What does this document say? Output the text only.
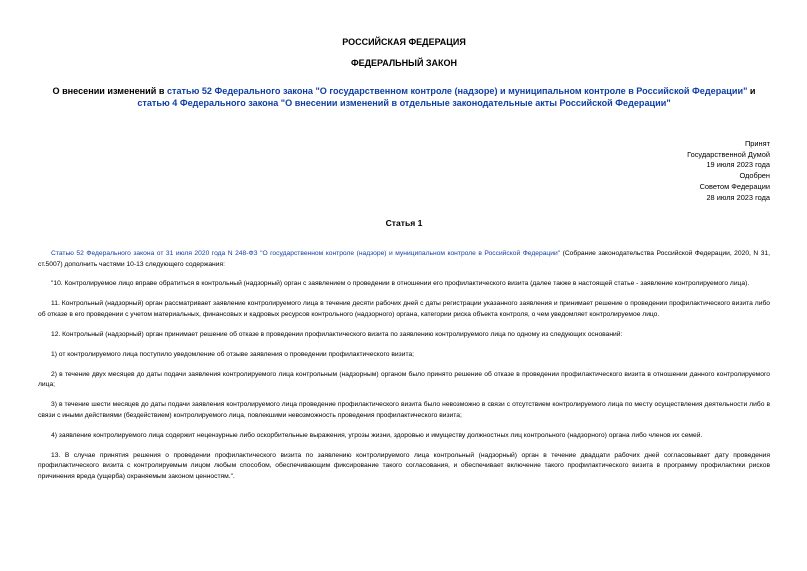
РОССИЙСКАЯ ФЕДЕРАЦИЯ
ФЕДЕРАЛЬНЫЙ ЗАКОН
О внесении изменений в статью 52 Федерального закона "О государственном контроле (надзоре) и муниципальном контроле в Российской Федерации" и статью 4 Федерального закона "О внесении изменений в отдельные законодательные акты Российской Федерации"
Принят
Государственной Думой
19 июля 2023 года
Одобрен
Советом Федерации
28 июля 2023 года
Статья 1

Статью 52 Федерального закона от 31 июля 2020 года N 248-ФЗ "О государственном контроле (надзоре) и муниципальном контроле в Российской Федерации" (Собрание законодательства Российской Федерации, 2020, N 31, ст.5007) дополнить частями 10-13 следующего содержания:

"10. Контролируемое лицо вправе обратиться в контрольный (надзорный) орган с заявлением о проведении в отношении его профилактического визита (далее также в настоящей статье - заявление контролируемого лица).

11. Контрольный (надзорный) орган рассматривает заявление контролируемого лица в течение десяти рабочих дней с даты регистрации указанного заявления и принимает решение о проведении профилактического визита либо об отказе в его проведении с учетом материальных, финансовых и кадровых ресурсов контрольного (надзорного) органа, категории риска объекта контроля, о чем уведомляет контролируемое лицо.

12. Контрольный (надзорный) орган принимает решение об отказе в проведении профилактического визита по заявлению контролируемого лица по одному из следующих оснований:

1) от контролируемого лица поступило уведомление об отзыве заявления о проведении профилактического визита;

2) в течение двух месяцев до даты подачи заявления контролируемого лица контрольным (надзорным) органом было принято решение об отказе в проведении профилактического визита в отношении данного контролируемого лица;

3) в течение шести месяцев до даты подачи заявления контролируемого лица проведение профилактического визита было невозможно в связи с отсутствием контролируемого лица по месту осуществления деятельности либо в связи с иными действиями (бездействием) контролируемого лица, повлекшими невозможность проведения профилактического визита;

4) заявление контролируемого лица содержит нецензурные либо оскорбительные выражения, угрозы жизни, здоровью и имуществу должностных лиц контрольного (надзорного) органа либо членов их семей.

13. В случае принятия решения о проведении профилактического визита по заявлению контролируемого лица контрольный (надзорный) орган в течение двадцати рабочих дней согласовывает дату проведения профилактического визита с контролируемым лицом любым способом, обеспечивающим фиксирование такого согласования, и обеспечивает включение такого профилактического визита в программу профилактики рисков причинения вреда (ущерба) охраняемым законом ценностям.".
